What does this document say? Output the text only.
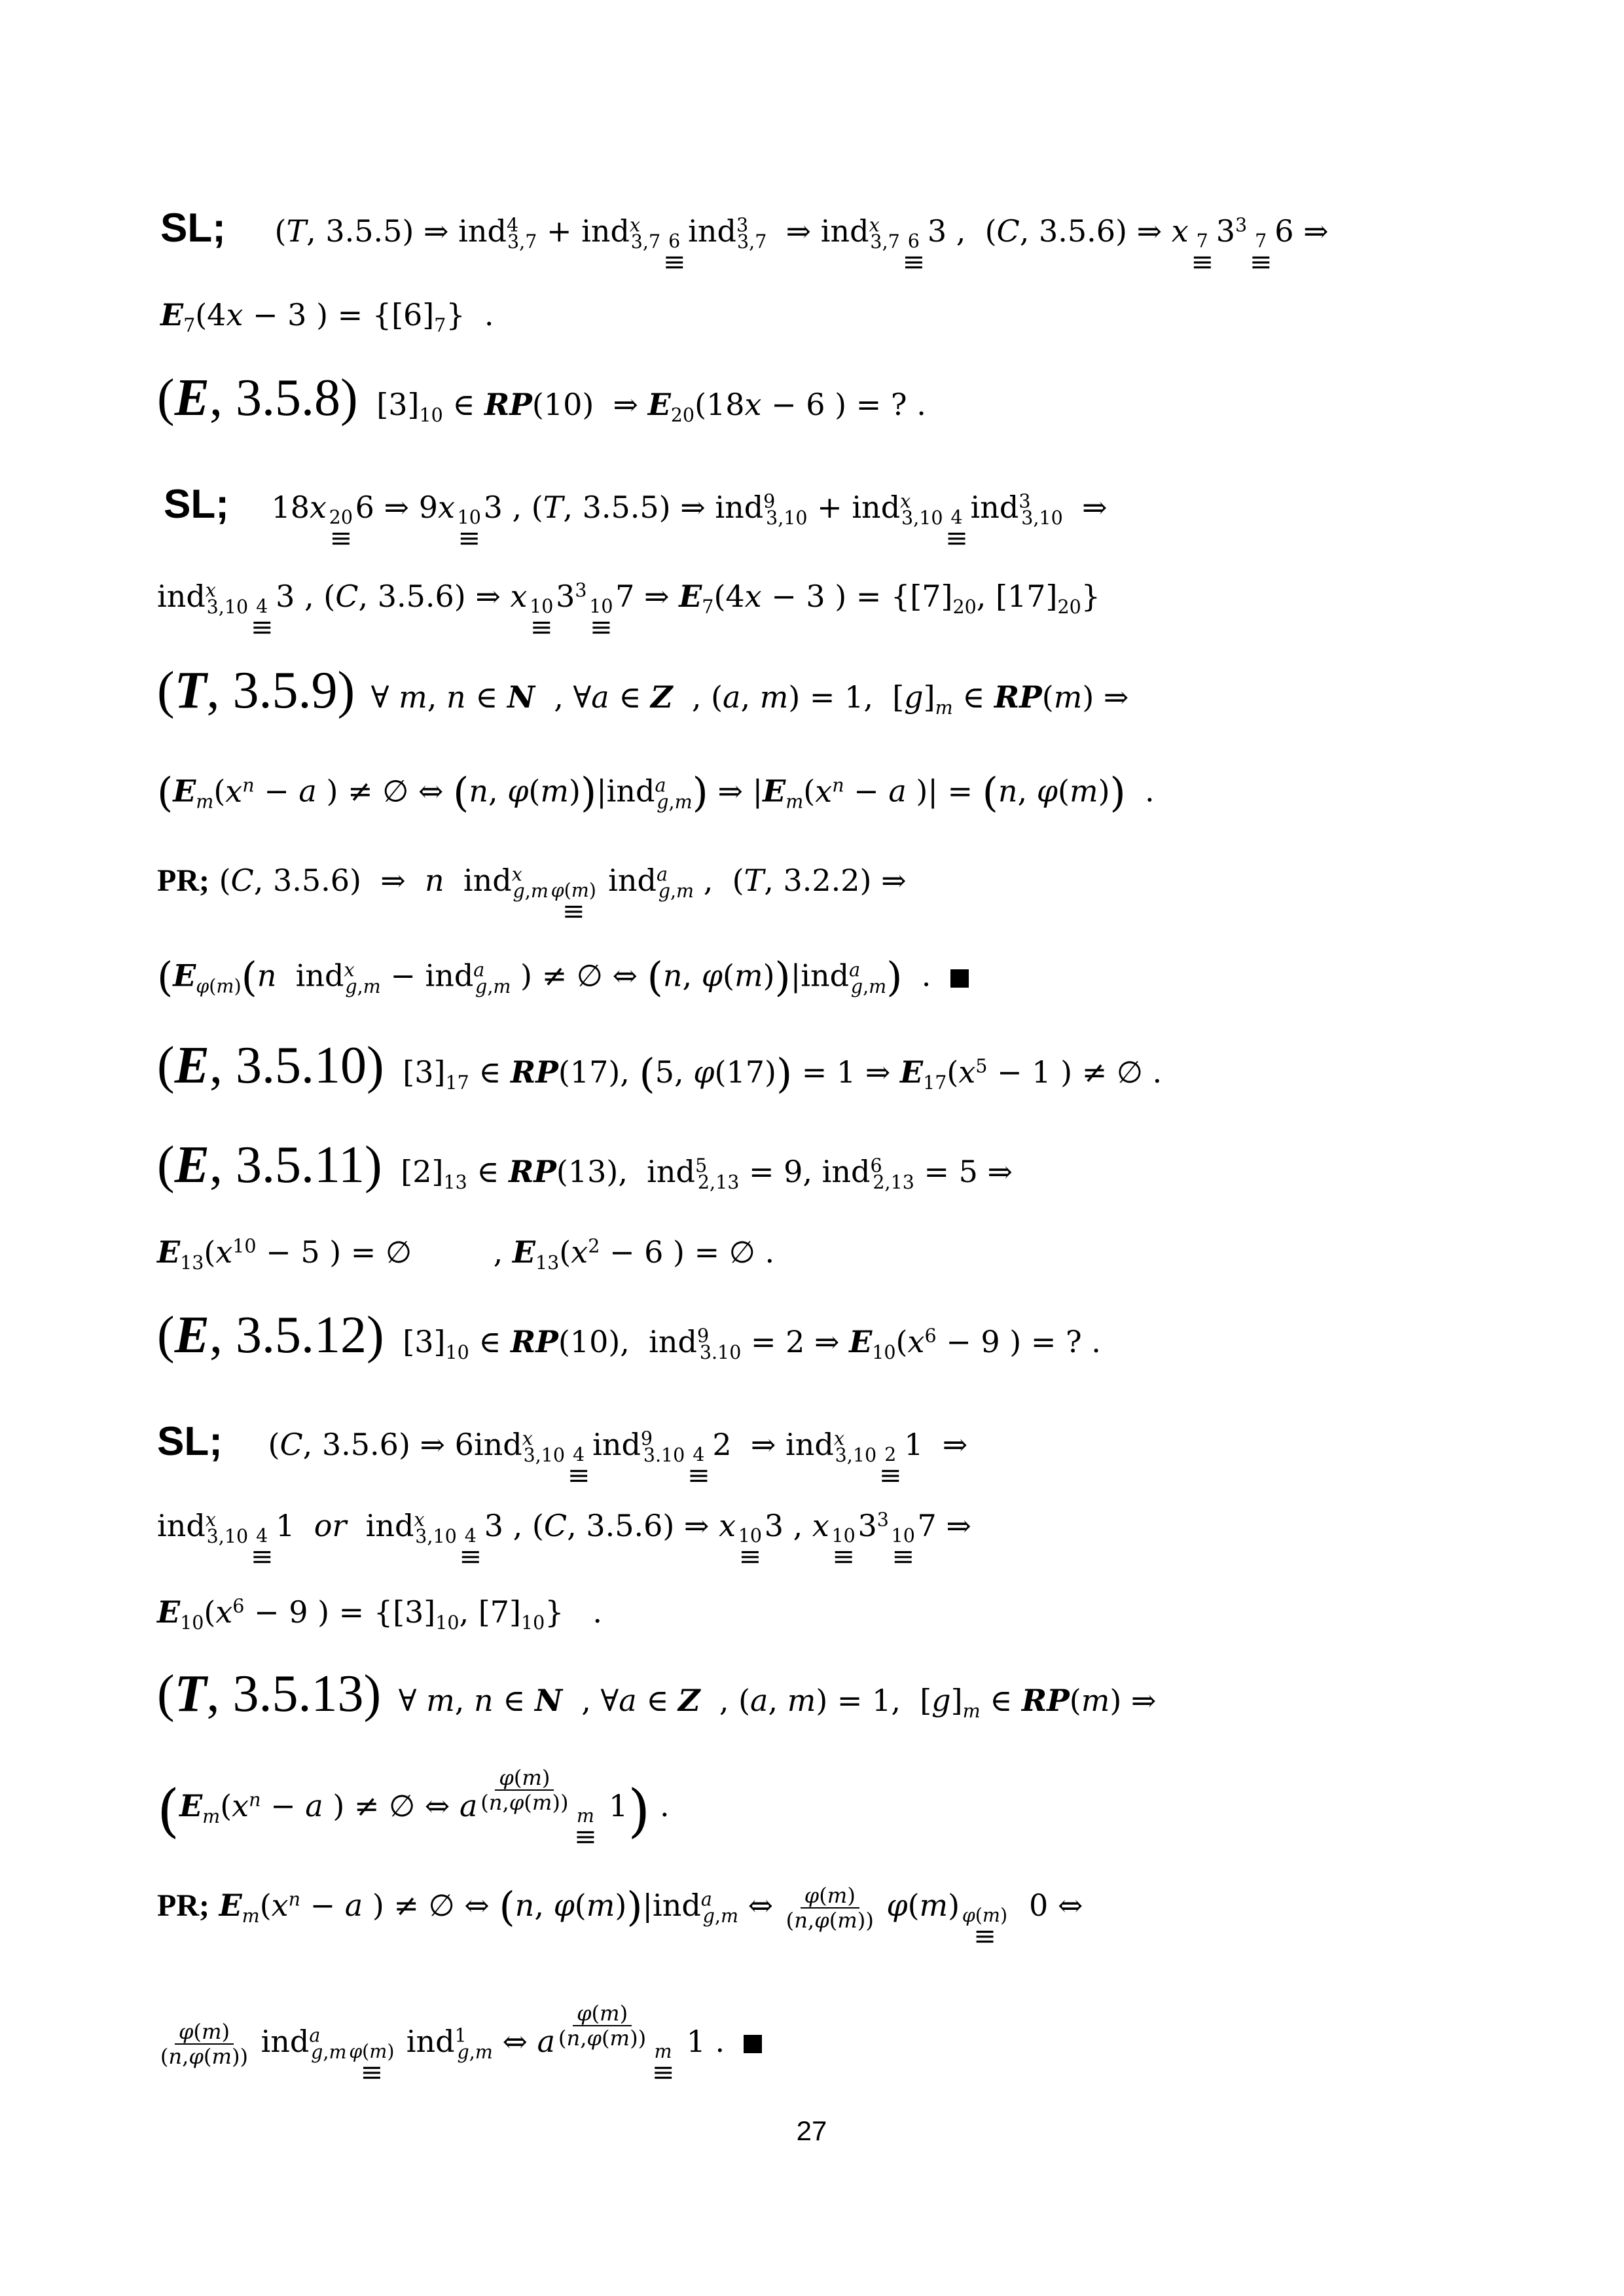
SL; (T, 3.5.5) ⇒ ind$^4_{3,7}$ + ind$^x_{3,7}$ 6
≡
ind$^3_{3,7}$  ⇒ ind$^x_{3,7}$ 6
≡
3 ,  (C, 3.5.6) ⇒ x 7
≡
$3^3$
7
≡
6 ⇒
$E_7(4x - 3$ ) = $\{[6]_7\}$  .
(E, 3.5.8) $[3]_{10}$ ∈ RP(10)  ⇒ $E_{20}(18x - 6$ ) = ? .
SL; 18x 20
≡
6 ⇒ 9x 10
≡
3 , (T, 3.5.5) ⇒ ind$^9_{3,10}$ + ind$^x_{3,10}$ 4
≡
ind$^3_{3,10}$  ⇒
ind$^x_{3,10}$ 4
≡
3 , (C, 3.5.6) ⇒ x 10
≡
$3^3$
10
≡
7 ⇒ $E_7(4x - 3$ ) = {$[7]_{20}$, $[17]_{20}$}
(T, 3.5.9) ∀ m, n ∈ N  , ∀a ∈ Z  , (a, m) = 1,  $[g]_m$ ∈ RP(m) ⇒
($E_m(x^n - a$ ) ≠ ∅ ⇔ (n, φ(m))|ind$^a_{g,m}$) ⇒ $|E_m(x^n - a$ )| = (n, φ(m))  .
PR; (C, 3.5.6)  ⇒  n  ind$^x_{g,m}$ φ(m)
≡
ind$^a_{g,m}$ ,  (T, 3.2.2) ⇒
($E_{\varphi(m)}(n$  ind$^x_{g,m}$ − ind$^a_{g,m}$ ) ≠ ∅ ⇔ (n, φ(m))|ind$^a_{g,m}$)  .
(E, 3.5.10) $[3]_{17}$ ∈ RP(17), (5, φ(17)) = 1 ⇒ $E_{17}(x^5 - 1$ ) ≠ ∅ .
(E, 3.5.11) $[2]_{13}$ ∈ RP(13),  ind$^5_{2,13}$ = 9, ind$^6_{2,13}$ = 5 ⇒
$E_{13}(x^{10} - 5$ ) = ∅ , $E_{13}(x^2 - 6$ ) = ∅ .
(E, 3.5.12) $[3]_{10}$ ∈ RP(10),  ind$^9_{3.10}$ = 2 ⇒ $E_{10}(x^6 - 9$ ) = ? .
SL; (C, 3.5.6) ⇒ 6ind$^x_{3,10}$ 4
≡
ind$^9_{3.10}$ 4
≡
2  ⇒ ind$^x_{3,10}$ 2
≡
1  ⇒
ind$^x_{3,10}$ 4
≡
1  or  ind$^x_{3,10}$ 4
≡
3 , (C, 3.5.6) ⇒ x 10
≡
3 , x 10
≡
$3^3$
10
≡
7 ⇒
$E_{10}(x^6 - 9$ ) = {$[3]_{10}$, $[7]_{10}$}   .
(T, 3.5.13) ∀ m, n ∈ N  , ∀a ∈ Z  , (a, m) = 1,  $[g]_m$ ∈ RP(m) ⇒
($E_m(x^n - a$ ) ≠ ∅ ⇔ a $\frac{\varphi(m)}{(n,\varphi(m))}$
m
≡
1) .
PR; $E_m(x^n - a$ ) ≠ ∅ ⇔ (n, φ(m))|ind$^a_{g,m}$ ⇔ $\frac{\varphi(m)}{(n,\varphi(m))} \varphi(m)$ φ(m)
≡
0 ⇔
$\frac{\varphi(m)}{(n,\varphi(m))} ind^a_{g,m}$ φ(m)
≡
ind$^1_{g,m}$ ⇔ a $\frac{\varphi(m)}{(n,\varphi(m))}$
m
≡
1 .
27
